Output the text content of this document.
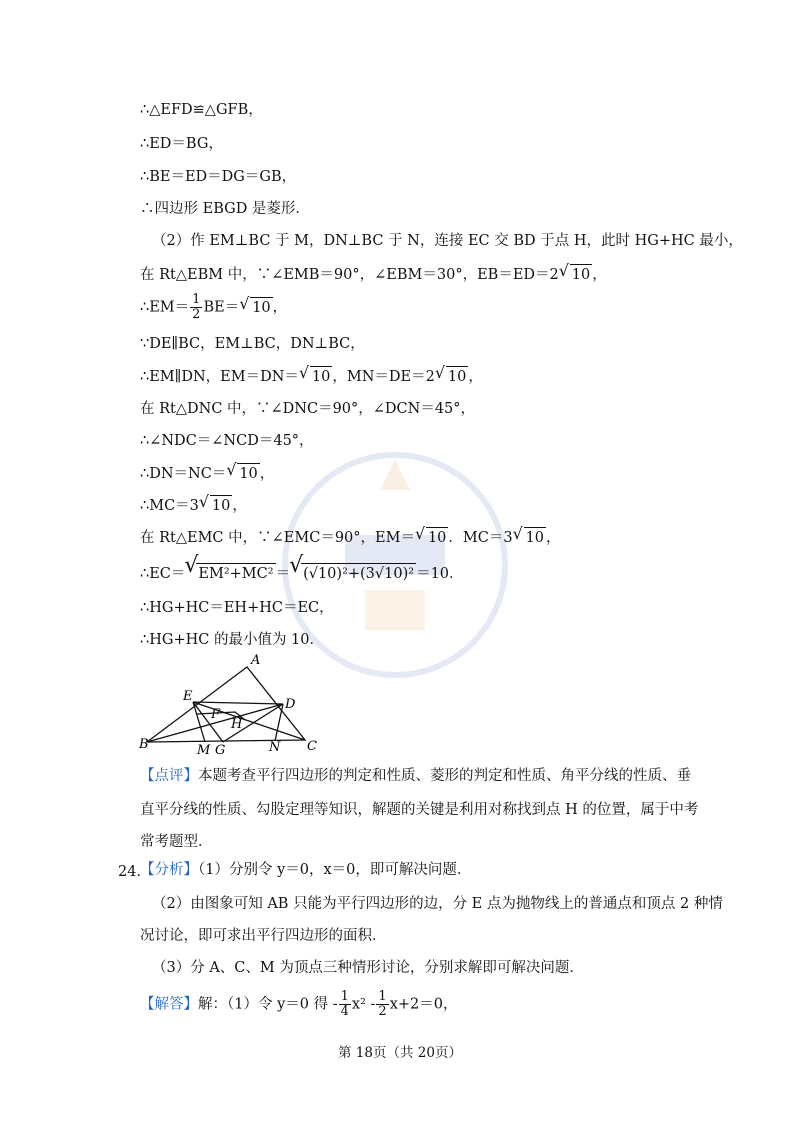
∴△EFD≌△GFB，
∴ED＝BG，
∴BE＝ED＝DG＝GB，
∴四边形 EBGD 是菱形．
（2）作 EM⊥BC 于 M，DN⊥BC 于 N，连接 EC 交 BD 于点 H，此时 HG+HC 最小，
在 Rt△EBM 中，∵∠EMB＝90°，∠EBM＝30°，EB＝ED＝2√ 10 ，
∴EM＝ $\frac{1}{2} BE=√$ 10 ，
∵DE∥BC，EM⊥BC，DN⊥BC，
∴EM∥DN，EM＝DN＝√ 10 ，MN＝DE＝2√ 10 ，
在 Rt△DNC 中，∵∠DNC＝90°，∠DCN＝45°，
∴∠NDC＝∠NCD＝45°，
∴DN＝NC＝√ 10 ，
∴MC＝3√ 10 ，
在 Rt△EMC 中，∵∠EMC＝90°，EM＝√ 10 ．MC＝3√ 10 ，
∴EC＝√ EM²+MC² ＝√ (√10)²+(3√10)² ＝10．
∴HG+HC＝EH+HC＝EC，
∴HG+HC 的最小值为 10．
A
E
D
F
H
B	M G	N C
【点评】本题考查平行四边形的判定和性质、菱形的判定和性质、角平分线的性质、垂
直平分线的性质、勾股定理等知识，解题的关键是利用对称找到点 H 的位置，属于中考
常考题型．
24．
【分析】（1）分别令 y＝0，x＝0，即可解决问题．
（2）由图象可知 AB 只能为平行四边形的边，分 E 点为抛物线上的普通点和顶点 2 种情
况讨论，即可求出平行四边形的面积．
（3）分 A、C、M 为顶点三种情形讨论，分别求解即可解决问题．
【解答】解：（1）令 y＝0 得 - $\frac{1}{4} x^2 - \frac{1}{2} x+2=0$，
第 18页（共 20页）
